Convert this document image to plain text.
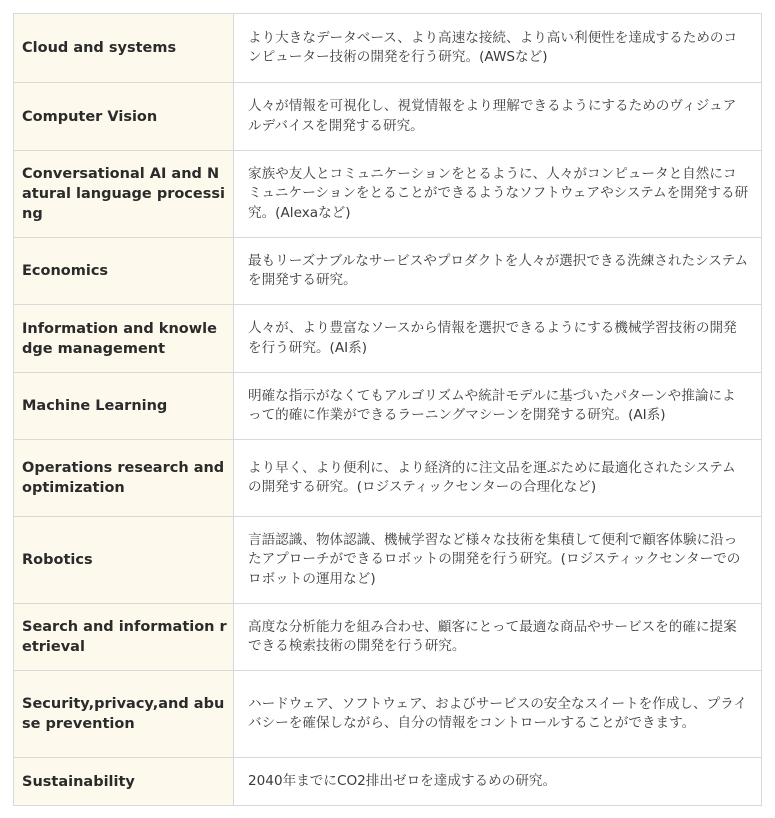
Cloud and systems	より大きなデータベース、より高速な接続、より高い利便性を達成するためのコンピューター技術の開発を行う研究。(AWSなど)
Computer Vision	人々が情報を可視化し、視覚情報をより理解できるようにするためのヴィジュアルデバイスを開発する研究。
Conversational AI and Natural language processing	家族や友人とコミュニケーションをとるように、人々がコンピュータと自然にコミュニケーションをとることができるようなソフトウェアやシステムを開発する研究。(Alexaなど)
Economics	最もリーズナブルなサービスやプロダクトを人々が選択できる洗練されたシステムを開発する研究。
Information and knowledge management	人々が、より豊富なソースから情報を選択できるようにする機械学習技術の開発を行う研究。(AI系)
Machine Learning	明確な指示がなくてもアルゴリズムや統計モデルに基づいたパターンや推論によって的確に作業ができるラーニングマシーンを開発する研究。(AI系)
Operations research and optimization	より早く、より便利に、より経済的に注文品を運ぶために最適化されたシステムの開発する研究。(ロジスティックセンターの合理化など)
Robotics	言語認識、物体認識、機械学習など様々な技術を集積して便利で顧客体験に沿ったアプローチができるロボットの開発を行う研究。(ロジスティックセンターでのロボットの運用など)
Search and information retrieval	高度な分析能力を組み合わせ、顧客にとって最適な商品やサービスを的確に提案できる検索技術の開発を行う研究。
Security,privacy,and abuse prevention	ハードウェア、ソフトウェア、およびサービスの安全なスイートを作成し、プライバシーを確保しながら、自分の情報をコントロールすることができます。
Sustainability	2040年までにCO2排出ゼロを達成するめの研究。
